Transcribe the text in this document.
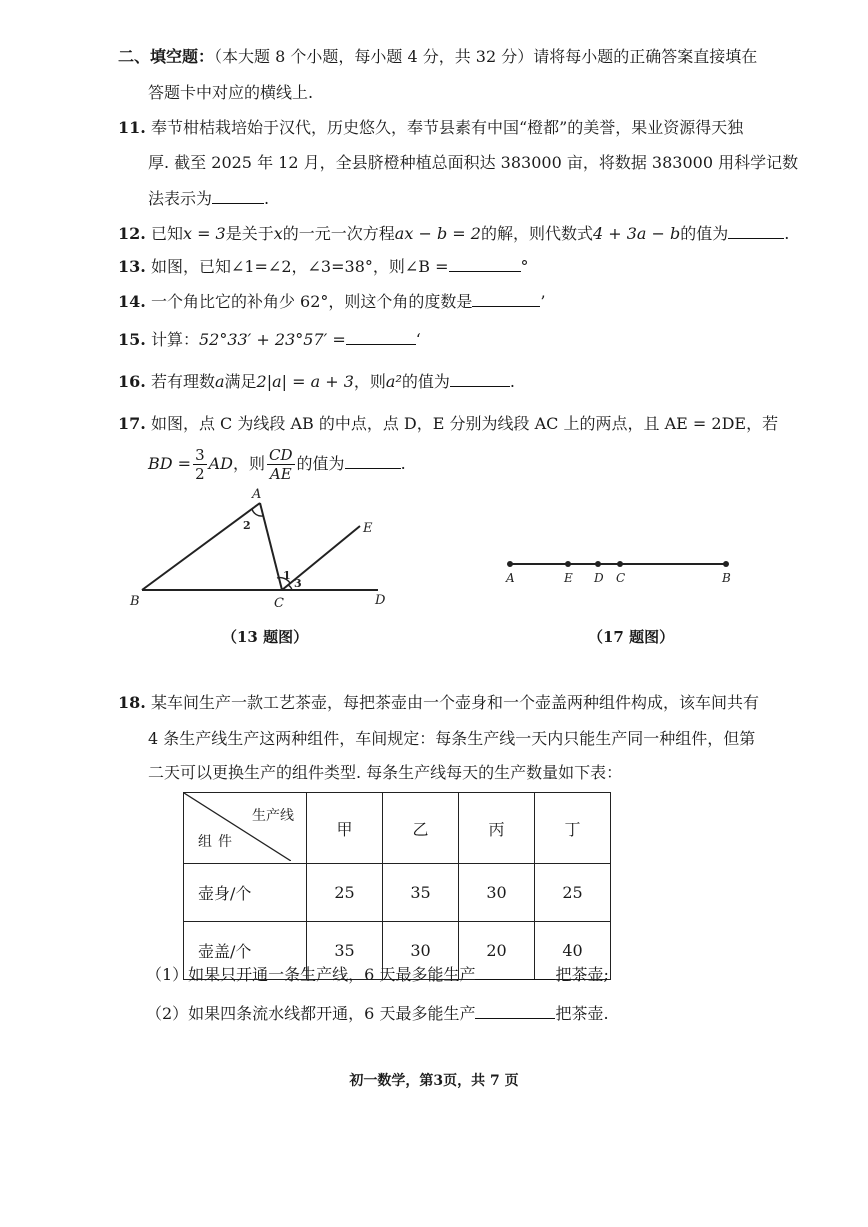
二、填空题：（本大题 8 个小题，每小题 4 分，共 32 分）请将每小题的正确答案直接填在
答题卡中对应的横线上.
11. 奉节柑桔栽培始于汉代，历史悠久，奉节县素有中国“橙都”的美誉，果业资源得天独
厚. 截至 2025 年 12 月，全县脐橙种植总面积达 383000 亩，将数据 383000 用科学记数
法表示为	.
12. 已知x = 3是关于x的一元一次方程ax − b = 2的解，则代数式4 + 3a − b的值为	.
13. 如图，已知∠1=∠2，∠3=38°，则∠B =	°
14. 一个角比它的补角少 62°，则这个角的度数是	’
15. 计算：52°33′ + 23°57′ =	‘
16. 若有理数a满足2|a| = a + 3，则a²的值为	.
17. 如图，点 C 为线段 AB 的中点，点 D，E 分别为线段 AC 上的两点，且 AE = 2DE，若
BD = $\frac{3}{2}$ AD，则 $\frac{CD}{AE}$ 的值为	.
A
B	C	D
E
2
1
3
（13 题图）
A	E D C	B
（17 题图）
18. 某车间生产一款工艺茶壶，每把茶壶由一个壶身和一个壶盖两种组件构成，该车间共有
4 条生产线生产这两种组件，车间规定：每条生产线一天内只能生产同一种组件，但第
二天可以更换生产的组件类型. 每条生产线每天的生产数量如下表：
生产线
组件	甲	乙	丙	丁
壶身/个	25	35	30	25
壶盖/个	35	30	20	40
（1）如果只开通一条生产线，6 天最多能生产	把茶壶;
（2）如果四条流水线都开通，6 天最多能生产	把茶壶.
初一数学，第3页，共 7 页
